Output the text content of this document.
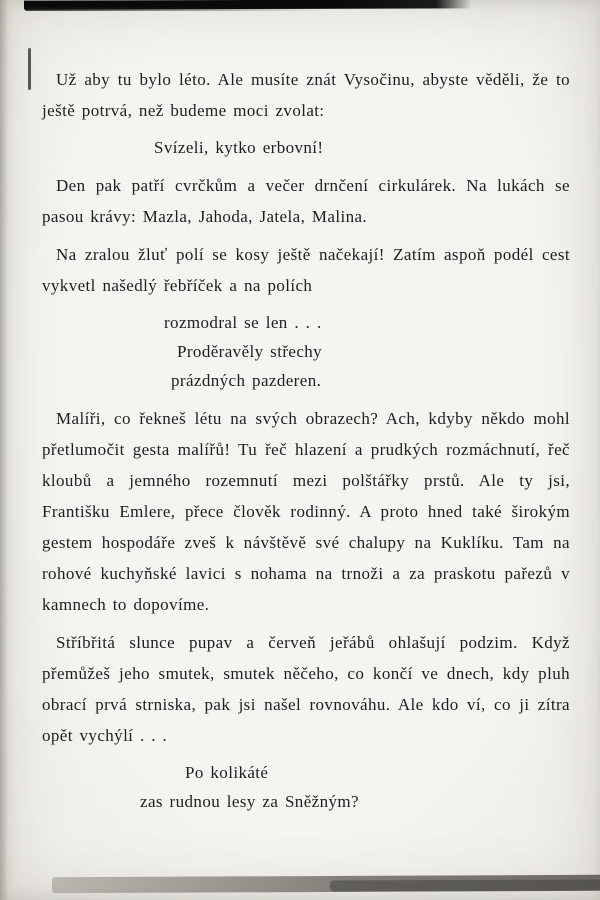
Už aby tu bylo léto. Ale musíte znát Vysočinu, abyste věděli, že to ještě potrvá, než budeme moci zvolat:

Svízeli, kytko erbovní!

Den pak patří cvrčkům a večer drnčení cirkulárek. Na lukách se pasou krávy: Mazla, Jahoda, Jatela, Malina.

Na zralou žluť polí se kosy ještě načekají! Zatím aspoň podél cest vykvetl našedlý řebříček a na polích

rozmodral se len . . .
Proděravěly střechy
prázdných pazderen.

Malíři, co řekneš létu na svých obrazech? Ach, kdyby někdo mohl přetlumočit gesta malířů! Tu řeč hlazení a prudkých rozmáchnutí, řeč kloubů a jemného rozemnutí mezi polštářky prstů. Ale ty jsi, Františku Emlere, přece člověk rodinný. A proto hned také širokým gestem hospodáře zveš k návštěvě své chalupy na Kuklíku. Tam na rohové kuchyňské lavici s nohama na trnoži a za praskotu pařezů v kamnech to dopovíme.

Stříbřitá slunce pupav a červeň jeřábů ohlašují podzim. Když přemůžeš jeho smutek, smutek něčeho, co končí ve dnech, kdy pluh obrací prvá strniska, pak jsi našel rovnováhu. Ale kdo ví, co ji zítra opět vychýlí . . .

Po kolikáté
zas rudnou lesy za Sněžným?
